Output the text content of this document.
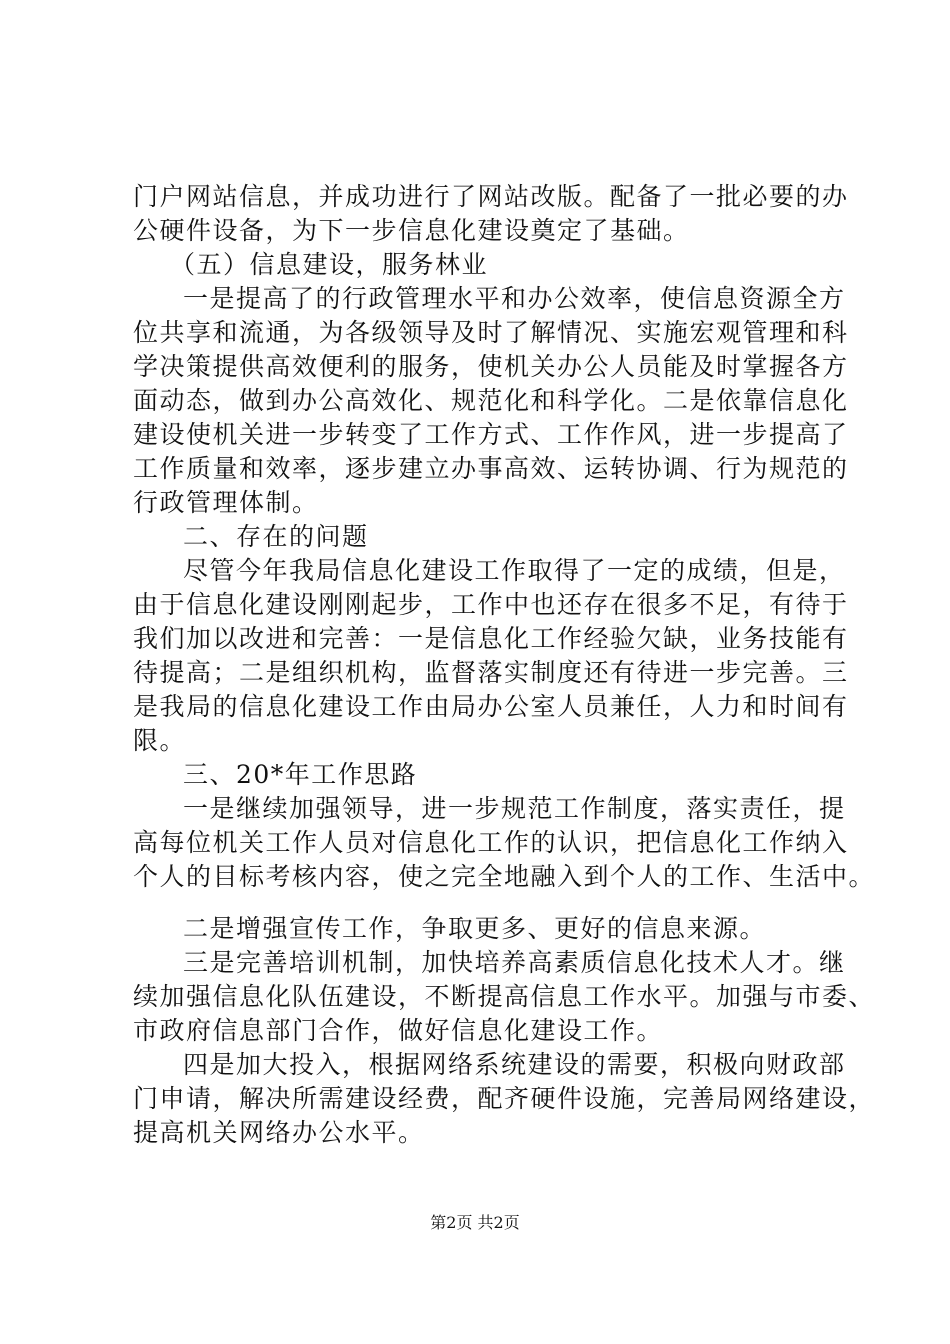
门户网站信息，并成功进行了网站改版。配备了一批必要的办
公硬件设备，为下一步信息化建设奠定了基础。
（五）信息建设，服务林业
一是提高了的行政管理水平和办公效率，使信息资源全方
位共享和流通，为各级领导及时了解情况、实施宏观管理和科
学决策提供高效便利的服务，使机关办公人员能及时掌握各方
面动态，做到办公高效化、规范化和科学化。二是依靠信息化
建设使机关进一步转变了工作方式、工作作风，进一步提高了
工作质量和效率，逐步建立办事高效、运转协调、行为规范的
行政管理体制。
二、存在的问题
尽管今年我局信息化建设工作取得了一定的成绩，但是，
由于信息化建设刚刚起步，工作中也还存在很多不足，有待于
我们加以改进和完善：一是信息化工作经验欠缺，业务技能有
待提高；二是组织机构，监督落实制度还有待进一步完善。三
是我局的信息化建设工作由局办公室人员兼任，人力和时间有
限。
三、20*年工作思路
一是继续加强领导，进一步规范工作制度，落实责任，提
高每位机关工作人员对信息化工作的认识，把信息化工作纳入
个人的目标考核内容，使之完全地融入到个人的工作、生活中。
二是增强宣传工作，争取更多、更好的信息来源。
三是完善培训机制，加快培养高素质信息化技术人才。继
续加强信息化队伍建设，不断提高信息工作水平。加强与市委、
市政府信息部门合作，做好信息化建设工作。
四是加大投入，根据网络系统建设的需要，积极向财政部
门申请，解决所需建设经费，配齐硬件设施，完善局网络建设，
提高机关网络办公水平。
第2页 共2页
